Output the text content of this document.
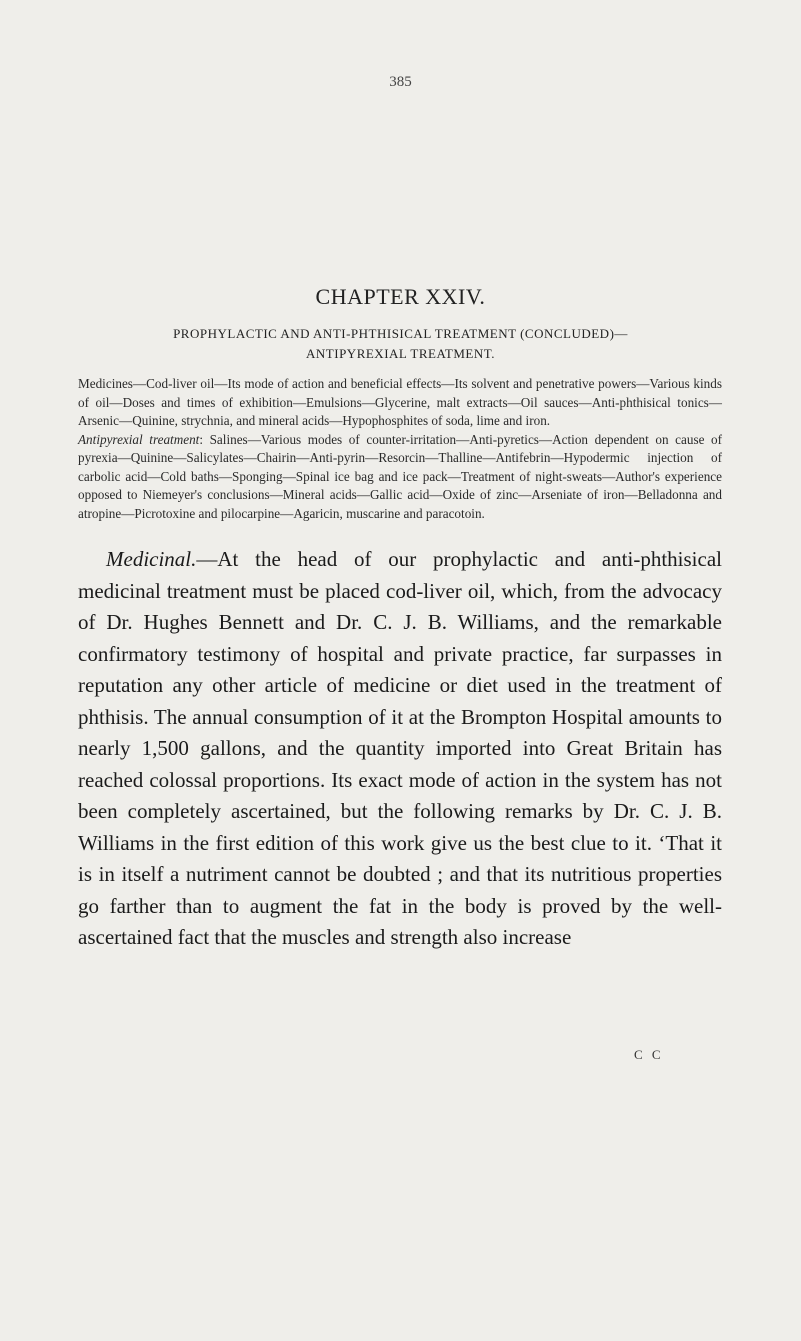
385
CHAPTER XXIV.
PROPHYLACTIC AND ANTI-PHTHISICAL TREATMENT (CONCLUDED)—
ANTIPYREXIAL TREATMENT.

Medicines—Cod-liver oil—Its mode of action and beneficial effects—Its solvent and penetrative powers—Various kinds of oil—Doses and times of exhibition—Emulsions—Glycerine, malt extracts—Oil sauces—Anti-phthisical tonics—Arsenic—Quinine, strychnia, and mineral acids—Hypophosphites of soda, lime and iron.

Antipyrexial treatment: Salines—Various modes of counter-irritation—Anti-pyretics—Action dependent on cause of pyrexia—Quinine—Salicylates—Chairin—Anti-pyrin—Resorcin—Thalline—Antifebrin—Hypodermic injection of carbolic acid—Cold baths—Sponging—Spinal ice bag and ice pack—Treatment of night-sweats—Author's experience opposed to Niemeyer's conclusions—Mineral acids—Gallic acid—Oxide of zinc—Arseniate of iron—Belladonna and atropine—Picrotoxine and pilocarpine—Agaricin, muscarine and paracotoin.

Medicinal.—At the head of our prophylactic and anti-phthisical medicinal treatment must be placed cod-liver oil, which, from the advocacy of Dr. Hughes Bennett and Dr. C. J. B. Williams, and the remarkable confirmatory testimony of hospital and private practice, far surpasses in reputation any other article of medicine or diet used in the treatment of phthisis. The annual consumption of it at the Brompton Hospital amounts to nearly 1,500 gallons, and the quantity imported into Great Britain has reached colossal proportions. Its exact mode of action in the system has not been completely ascertained, but the following remarks by Dr. C. J. B. Williams in the first edition of this work give us the best clue to it. ‘That it is in itself a nutriment cannot be doubted ; and that its nutritious properties go farther than to augment the fat in the body is proved by the well-ascertained fact that the muscles and strength also increase

C C
